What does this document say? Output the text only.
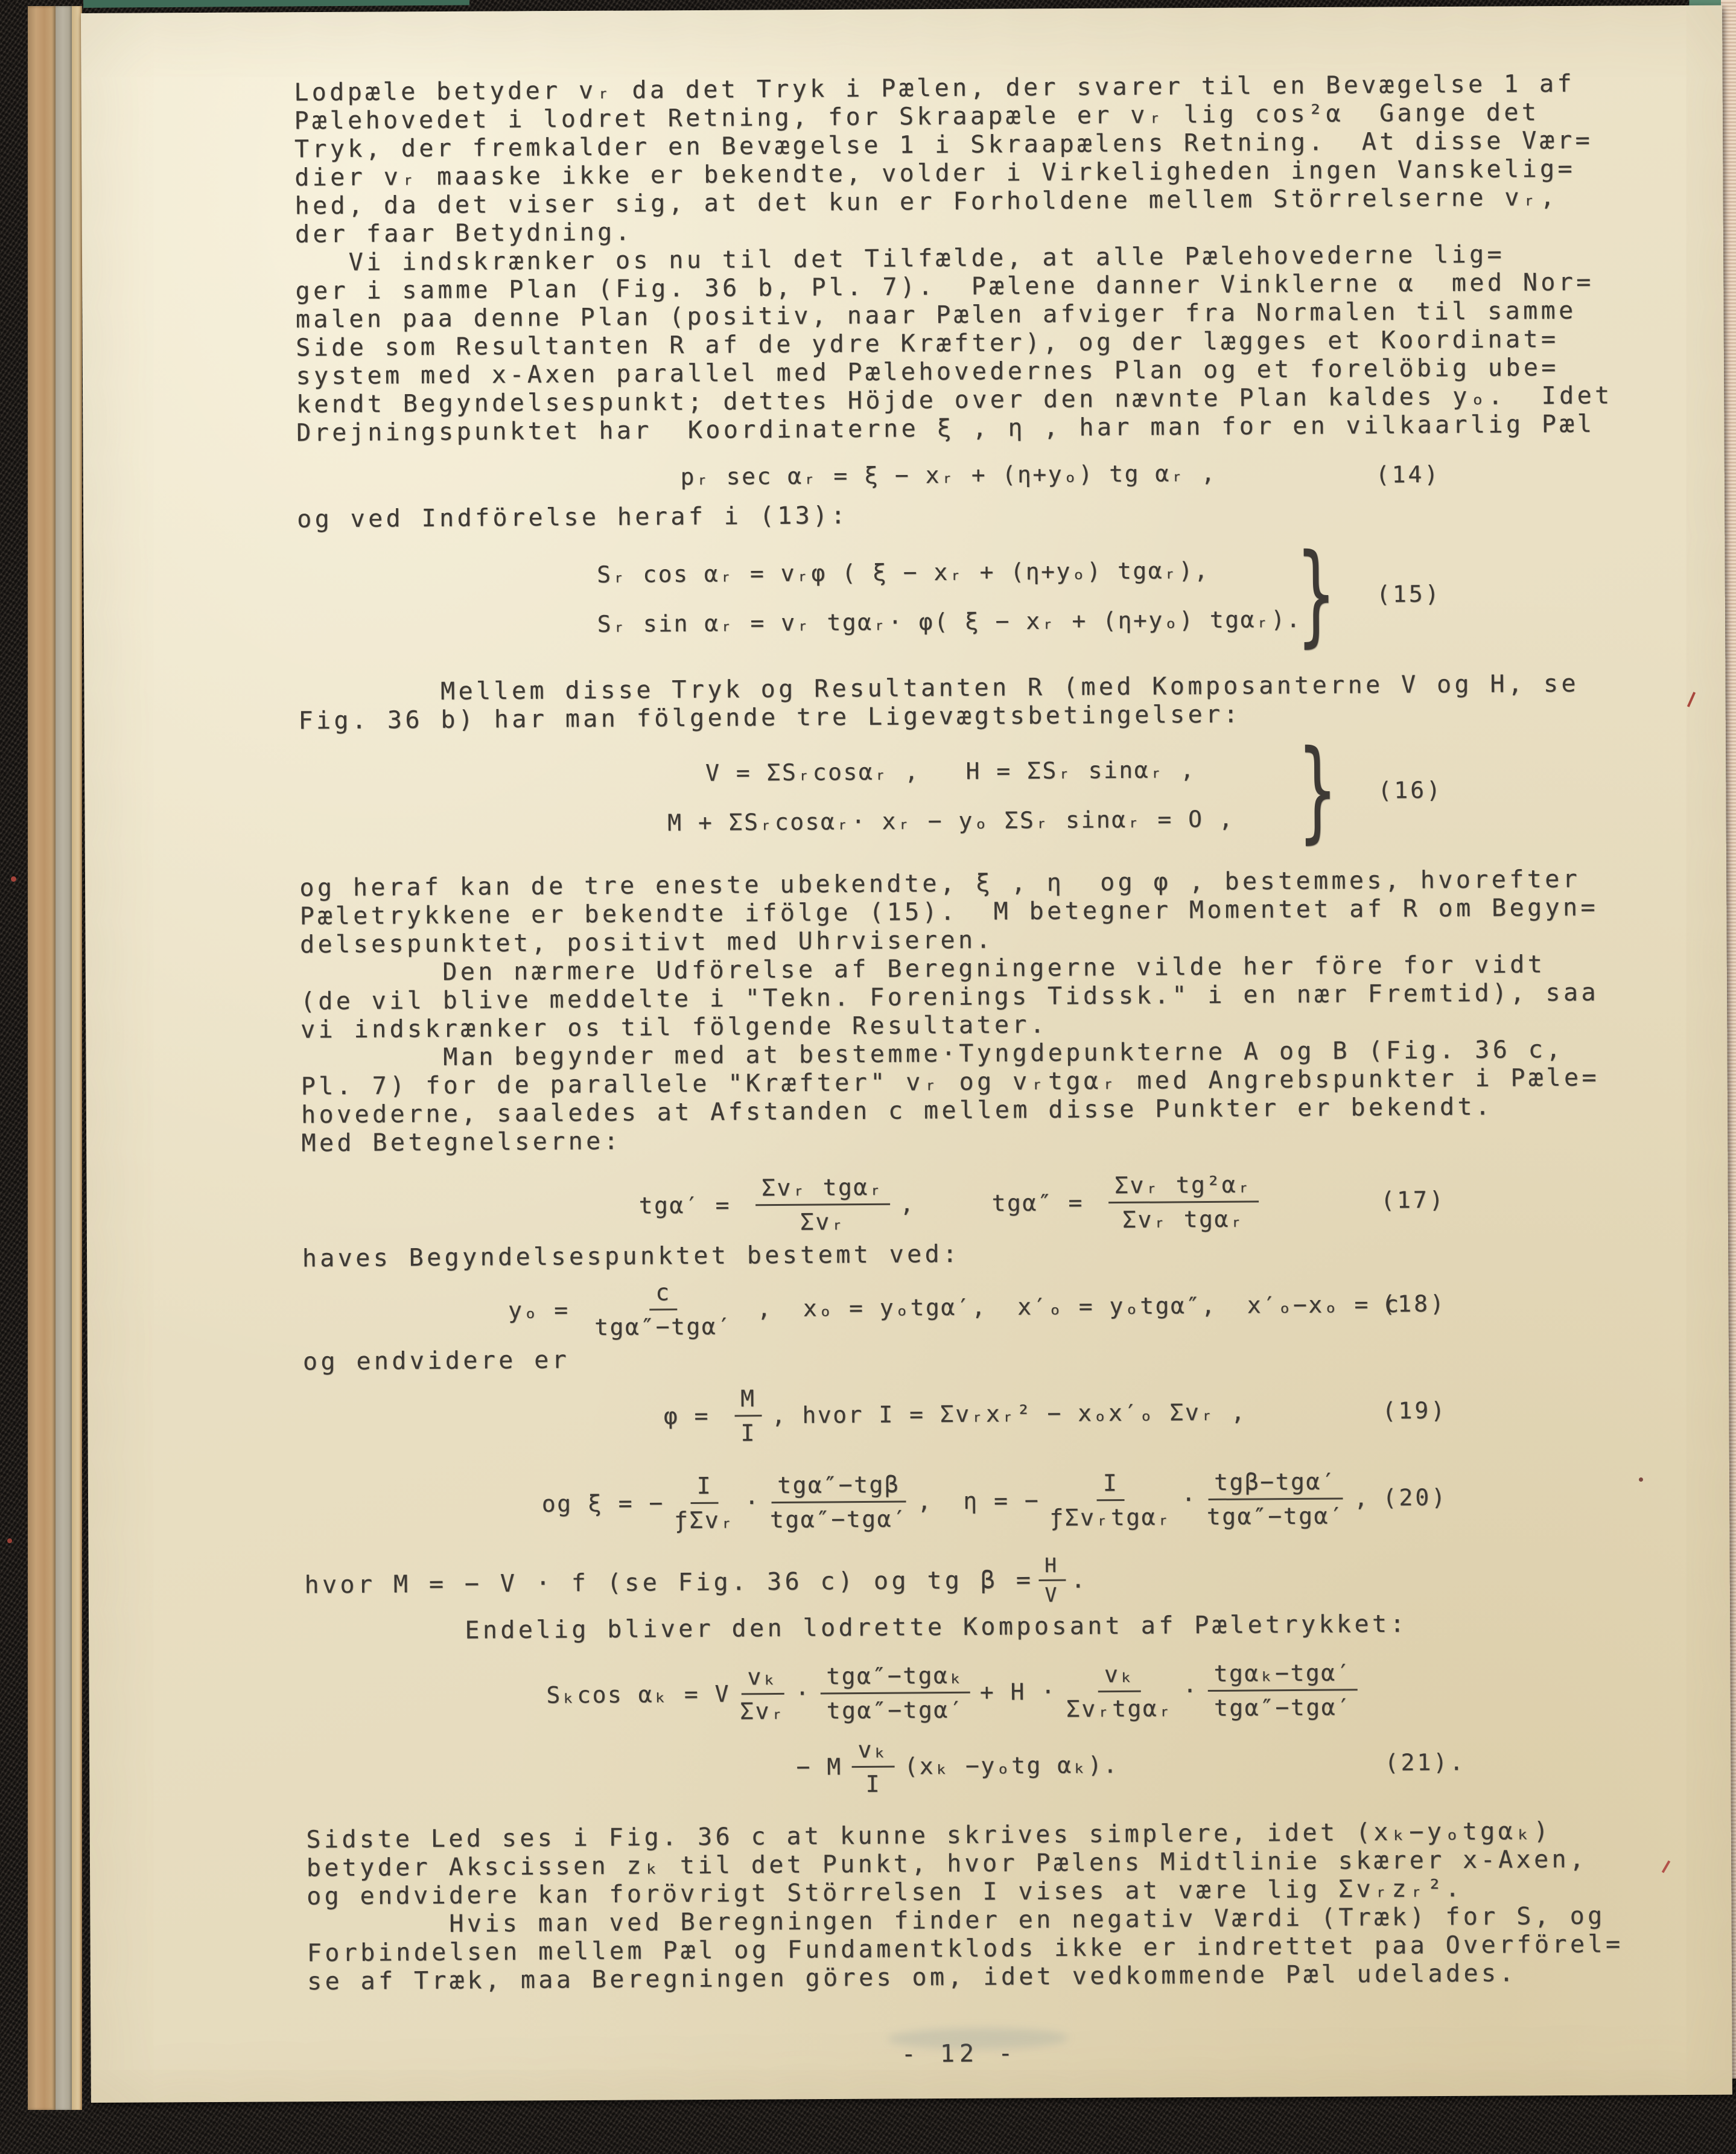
Lodpæle betyder vᵣ da det Tryk i Pælen, der svarer til en Bevægelse 1 af
Pælehovedet i lodret Retning, for Skraapæle er vᵣ lig cos²α  Gange det
Tryk, der fremkalder en Bevægelse 1 i Skraapælens Retning.  At disse Vær=
dier vᵣ maaske ikke er bekendte, volder i Virkeligheden ingen Vanskelig=
hed, da det viser sig, at det kun er Forholdene mellem Störrelserne vᵣ,
der faar Betydning.
Vi indskrænker os nu til det Tilfælde, at alle Pælehovederne lig=
ger i samme Plan (Fig. 36 b, Pl. 7).  Pælene danner Vinklerne α  med Nor=
malen paa denne Plan (positiv, naar Pælen afviger fra Normalen til samme
Side som Resultanten R af de ydre Kræfter), og der lægges et Koordinat=
system med x-Axen parallel med Pælehovedernes Plan og et forelöbig ube=
kendt Begyndelsespunkt; dettes Höjde over den nævnte Plan kaldes yₒ.  Idet
Drejningspunktet har  Koordinaterne ξ , η , har man for en vilkaarlig Pæl
pᵣ sec αᵣ = ξ − xᵣ + (η+yₒ) tg αᵣ ,	(14)
og ved Indförelse heraf i (13):
Sᵣ cos αᵣ = vᵣφ ( ξ − xᵣ + (η+yₒ) tgαᵣ),
Sᵣ sin αᵣ = vᵣ tgαᵣ· φ( ξ − xᵣ + (η+yₒ) tgαᵣ).
} (15)
Mellem disse Tryk og Resultanten R (med Komposanterne V og H, se
Fig. 36 b) har man fölgende tre Ligevægtsbetingelser:
V = ΣSᵣcosαᵣ ,   H = ΣSᵣ sinαᵣ ,
M + ΣSᵣcosαᵣ· xᵣ − yₒ ΣSᵣ sinαᵣ = O , } (16)
og heraf kan de tre eneste ubekendte, ξ , η  og φ , bestemmes, hvorefter
Pæletrykkene er bekendte ifölge (15).  M betegner Momentet af R om Begyn=
delsespunktet, positivt med Uhrviseren.
Den nærmere Udförelse af Beregningerne vilde her före for vidt
(de vil blive meddelte i "Tekn. Forenings Tidssk." i en nær Fremtid), saa
vi indskrænker os til fölgende Resultater.
Man begynder med at bestemme·Tyngdepunkterne A og B (Fig. 36 c,
Pl. 7) for de parallele "Kræfter" vᵣ og vᵣtgαᵣ med Angrebspunkter i Pæle=
hovederne, saaledes at Afstanden c mellem disse Punkter er bekendt.
Med Betegnelserne:
$tg\alpha' = \frac{\text{Σvᵣ tgαᵣ}}{\text{Σvᵣ}}$ ,     $tg\alpha'' = \frac{\text{Σvᵣ tg²αᵣ}}{\text{Σvᵣ tgαᵣ}}$	(17)
haves Begyndelsespunktet bestemt ved:
$y_o = \frac{c}{\text{tgα″−tgα′}}$ ,  xₒ = yₒtgα′,  x′ₒ = yₒtgα″,  x′ₒ−xₒ = c
(18)
og endvidere er
$\varphi = \frac{M}{I}$ , hvor I = Σvᵣxᵣ² − xₒx′ₒ Σvᵣ ,	(19)
og ξ = − $\frac{I}{\text{ƒΣvᵣ}} \cdot \frac{\text{tgα″−tgβ}}{\text{tgα″−tgα′}}$ ,  η = − $\frac{I}{\text{ƒΣvᵣtgαᵣ}} \cdot \frac{\text{tgβ−tgα′}}{\text{tgα″−tgα′}}$ , (20)
hvor M = − V · f (se Fig. 36 c) og tg $\beta = \frac{H}{V}$ .
Endelig bliver den lodrette Komposant af Pæletrykket:
Sₖcos αₖ = V $\frac{\text{vₖ}}{\text{Σvᵣ}} \cdot \frac{\text{tgα″−tgαₖ}}{\text{tgα″−tgα′}} + H \cdot \frac{\text{vₖ}}{\text{Σvᵣtgαᵣ}} \cdot \frac{\text{tgαₖ−tgα′}}{\text{tgα″−tgα′}}$
− M $\frac{\text{vₖ}}{I} (x_k -y_otg$ αₖ).	(21).
Sidste Led ses i Fig. 36 c at kunne skrives simplere, idet (xₖ−yₒtgαₖ)
betyder Akscissen zₖ til det Punkt, hvor Pælens Midtlinie skærer x-Axen,
og endvidere kan forövrigt Störrelsen I vises at være lig Σvᵣzᵣ².
Hvis man ved Beregningen finder en negativ Værdi (Træk) for S, og
Forbindelsen mellem Pæl og Fundamentklods ikke er indrettet paa Overförel=
se af Træk, maa Beregningen göres om, idet vedkommende Pæl udelades.
- 12 -
